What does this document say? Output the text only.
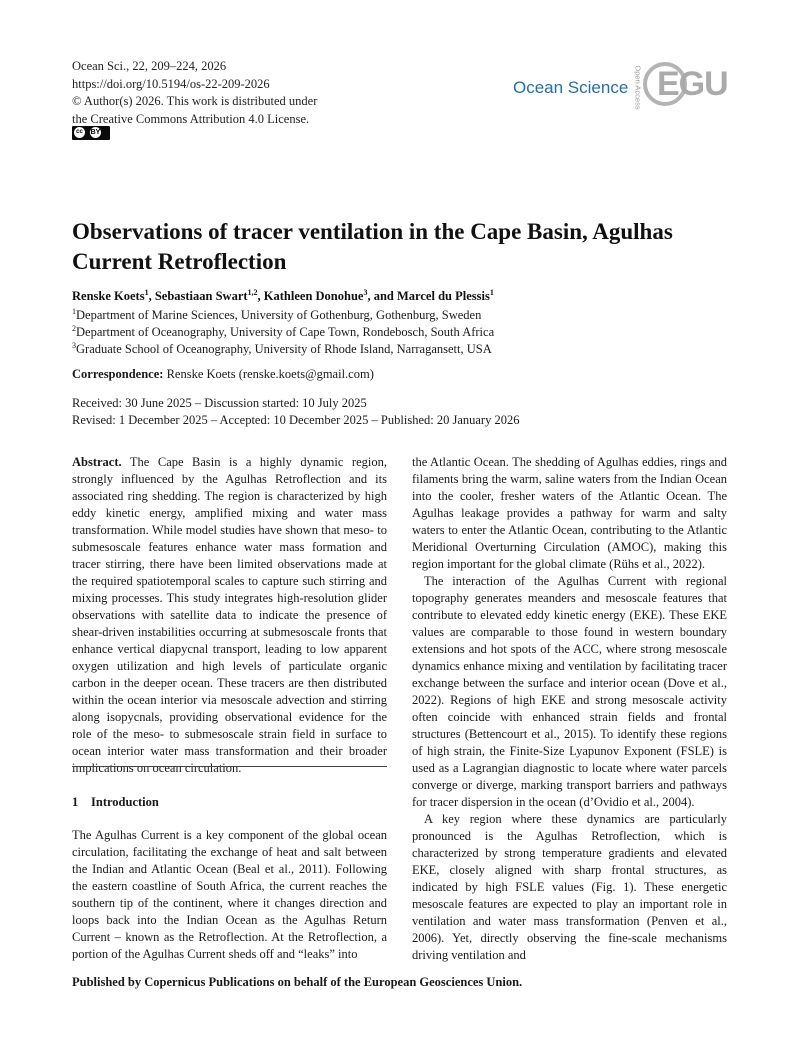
Ocean Sci., 22, 209–224, 2026
https://doi.org/10.5194/os-22-209-2026
© Author(s) 2026. This work is distributed under
the Creative Commons Attribution 4.0 License.
cc	BY
Ocean Science Open Access EGU
Observations of tracer ventilation in the Cape Basin, Agulhas Current Retroflection
Renske Koets$^1$, Sebastiaan Swart$^{1,2}$, Kathleen Donohue$^3$, and Marcel du Plessis$^1$
$^1$Department of Marine Sciences, University of Gothenburg, Gothenburg, Sweden
$^2$Department of Oceanography, University of Cape Town, Rondebosch, South Africa
$^3$Graduate School of Oceanography, University of Rhode Island, Narragansett, USA
Correspondence: Renske Koets (renske.koets@gmail.com)
Received: 30 June 2025 – Discussion started: 10 July 2025
Revised: 1 December 2025 – Accepted: 10 December 2025 – Published: 20 January 2026

Abstract. The Cape Basin is a highly dynamic region, strongly influenced by the Agulhas Retroflection and its associated ring shedding. The region is characterized by high eddy kinetic energy, amplified mixing and water mass transformation. While model studies have shown that meso- to submesoscale features enhance water mass formation and tracer stirring, there have been limited observations made at the required spatiotemporal scales to capture such stirring and mixing processes. This study integrates high-resolution glider observations with satellite data to indicate the presence of shear-driven instabilities occurring at submesoscale fronts that enhance vertical diapycnal transport, leading to low apparent oxygen utilization and high levels of particulate organic carbon in the deeper ocean. These tracers are then distributed within the ocean interior via mesoscale advection and stirring along isopycnals, providing observational evidence for the role of the meso- to submesoscale strain field in surface to ocean interior water mass transformation and their broader implications on ocean circulation.

1 Introduction

The Agulhas Current is a key component of the global ocean circulation, facilitating the exchange of heat and salt between the Indian and Atlantic Ocean (Beal et al., 2011). Following the eastern coastline of South Africa, the current reaches the southern tip of the continent, where it changes direction and loops back into the Indian Ocean as the Agulhas Return Current – known as the Retroflection. At the Retroflection, a portion of the Agulhas Current sheds off and “leaks” into

the Atlantic Ocean. The shedding of Agulhas eddies, rings and filaments bring the warm, saline waters from the Indian Ocean into the cooler, fresher waters of the Atlantic Ocean. The Agulhas leakage provides a pathway for warm and salty waters to enter the Atlantic Ocean, contributing to the Atlantic Meridional Overturning Circulation (AMOC), making this region important for the global climate (Rühs et al., 2022).

The interaction of the Agulhas Current with regional topography generates meanders and mesoscale features that contribute to elevated eddy kinetic energy (EKE). These EKE values are comparable to those found in western boundary extensions and hot spots of the ACC, where strong mesoscale dynamics enhance mixing and ventilation by facilitating tracer exchange between the surface and interior ocean (Dove et al., 2022). Regions of high EKE and strong mesoscale activity often coincide with enhanced strain fields and frontal structures (Bettencourt et al., 2015). To identify these regions of high strain, the Finite-Size Lyapunov Exponent (FSLE) is used as a Lagrangian diagnostic to locate where water parcels converge or diverge, marking transport barriers and pathways for tracer dispersion in the ocean (d’Ovidio et al., 2004).

A key region where these dynamics are particularly pronounced is the Agulhas Retroflection, which is characterized by strong temperature gradients and elevated EKE, closely aligned with sharp frontal structures, as indicated by high FSLE values (Fig. 1). These energetic mesoscale features are expected to play an important role in ventilation and water mass transformation (Penven et al., 2006). Yet, directly observing the fine-scale mechanisms driving ventilation and

Published by Copernicus Publications on behalf of the European Geosciences Union.
